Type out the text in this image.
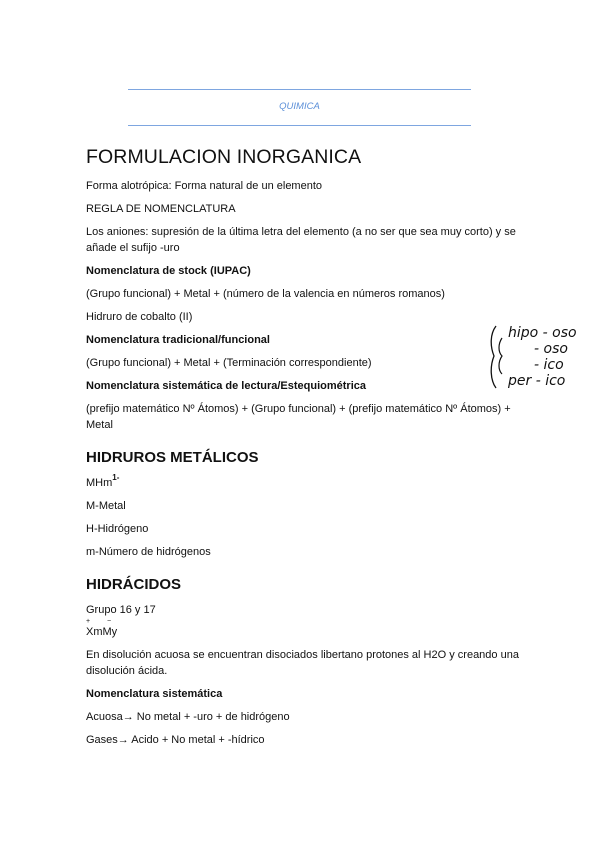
QUIMICA
FORMULACION INORGANICA

Forma alotrópica: Forma natural de un elemento

REGLA DE NOMENCLATURA

Los aniones: supresión de la última letra del elemento (a no ser que sea muy corto) y se añade el sufijo -uro

Nomenclatura de stock (IUPAC)

(Grupo funcional) + Metal + (número de la valencia en números romanos)

Hidruro de cobalto (II)

Nomenclatura tradicional/funcional

(Grupo funcional) + Metal + (Terminación correspondiente)

Nomenclatura sistemática de lectura/Estequiométrica

(prefijo matemático Nº Átomos) + (Grupo funcional) + (prefijo matemático Nº Átomos) + Metal

HIDRUROS METÁLICOS

MHm 1-

M-Metal

H-Hidrógeno

m-Número de hidrógenos

HIDRÁCIDOS

Grupo 16 y 17

+ −
XmMy

En disolución acuosa se encuentran disociados libertano protones al H2O y creando una disolución ácida.

Nomenclatura sistemática

Acuosa→ No metal + -uro + de hidrógeno

Gases→ Acido + No metal + -hídrico

hipo - oso
- oso
- ico
per - ico
